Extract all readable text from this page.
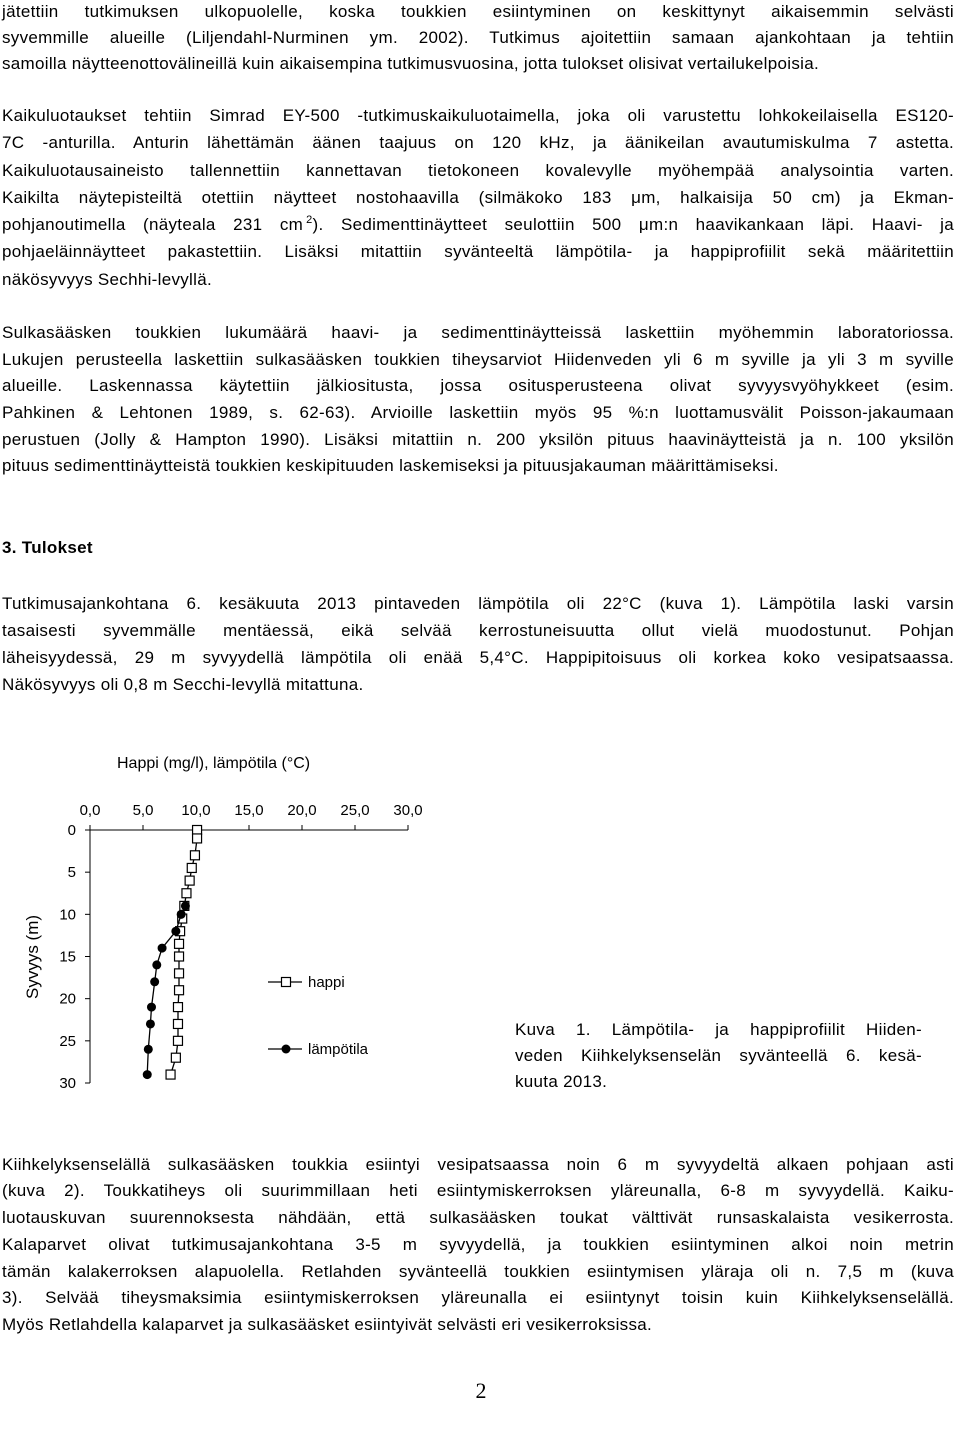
jätettiin tutkimuksen ulkopuolelle, koska toukkien esiintyminen on keskittynyt aikaisemmin selvästi
syvemmille alueille (Liljendahl-Nurminen ym. 2002). Tutkimus ajoitettiin samaan ajankohtaan ja tehtiin
samoilla näytteenottovälineillä kuin aikaisempina tutkimusvuosina, jotta tulokset olisivat vertailukelpoisia.
Kaikuluotaukset tehtiin Simrad EY-500 -tutkimuskaikuluotaimella, joka oli varustettu lohkokeilaisella ES120-
7C -anturilla. Anturin lähettämän äänen taajuus on 120 kHz, ja äänikeilan avautumiskulma 7 astetta.
Kaikuluotausaineisto tallennettiin kannettavan tietokoneen kovalevylle myöhempää analysointia varten.
Kaikilta näytepisteiltä otettiin näytteet nostohaavilla (silmäkoko 183 μm, halkaisija 50 cm) ja Ekman-
pohjanoutimella (näyteala 231 cm $^2$). Sedimenttinäytteet seulottiin 500 μm:n haavikankaan läpi. Haavi- ja
pohjaeläinnäytteet pakastettiin. Lisäksi mitattiin syvänteeltä lämpötila- ja happiprofiilit sekä määritettiin
näkösyvyys Sechhi-levyllä.
Sulkasääsken toukkien lukumäärä haavi- ja sedimenttinäytteissä laskettiin myöhemmin laboratoriossa.
Lukujen perusteella laskettiin sulkasääsken toukkien tiheysarviot Hiidenveden yli 6 m syville ja yli 3 m syville
alueille. Laskennassa käytettiin jälkiositusta, jossa ositusperusteena olivat syvyysvyöhykkeet (esim.
Pahkinen & Lehtonen 1989, s. 62-63). Arvioille laskettiin myös 95 %:n luottamusvälit Poisson-jakaumaan
perustuen (Jolly & Hampton 1990). Lisäksi mitattiin n. 200 yksilön pituus haavinäytteistä ja n. 100 yksilön
pituus sedimenttinäytteistä toukkien keskipituuden laskemiseksi ja pituusjakauman määrittämiseksi.
3. Tulokset
Tutkimusajankohtana 6. kesäkuuta 2013 pintaveden lämpötila oli 22°C (kuva 1). Lämpötila laski varsin
tasaisesti syvemmälle mentäessä, eikä selvää kerrostuneisuutta ollut vielä muodostunut. Pohjan
läheisyydessä, 29 m syvyydellä lämpötila oli enää 5,4°C. Happipitoisuus oli korkea koko vesipatsaassa.
Näkösyvyys oli 0,8 m Secchi-levyllä mitattuna.
Happi (mg/l), lämpötila (°C)
0,0 5,0 10,0 15,0 20,0 25,0 30,0
0
5
10
15
20
25
30
Syvyys (m)	happi
lämpötila
Kuva 1. Lämpötila- ja happiprofiilit Hiiden-
veden Kiihkelyksenselän syvänteellä 6. kesä-
kuuta 2013.
Kiihkelyksenselällä sulkasääsken toukkia esiintyi vesipatsaassa noin 6 m syvyydeltä alkaen pohjaan asti
(kuva 2). Toukkatiheys oli suurimmillaan heti esiintymiskerroksen yläreunalla, 6-8 m syvyydellä. Kaiku-
luotauskuvan suurennoksesta nähdään, että sulkasääsken toukat välttivät runsaskalaista vesikerrosta.
Kalaparvet olivat tutkimusajankohtana 3-5 m syvyydellä, ja toukkien esiintyminen alkoi noin metrin
tämän kalakerroksen alapuolella. Retlahden syvänteellä toukkien esiintymisen yläraja oli n. 7,5 m (kuva
3). Selvää tiheysmaksimia esiintymiskerroksen yläreunalla ei esiintynyt toisin kuin Kiihkelyksenselällä.
Myös Retlahdella kalaparvet ja sulkasääsket esiintyivät selvästi eri vesikerroksissa.
2
